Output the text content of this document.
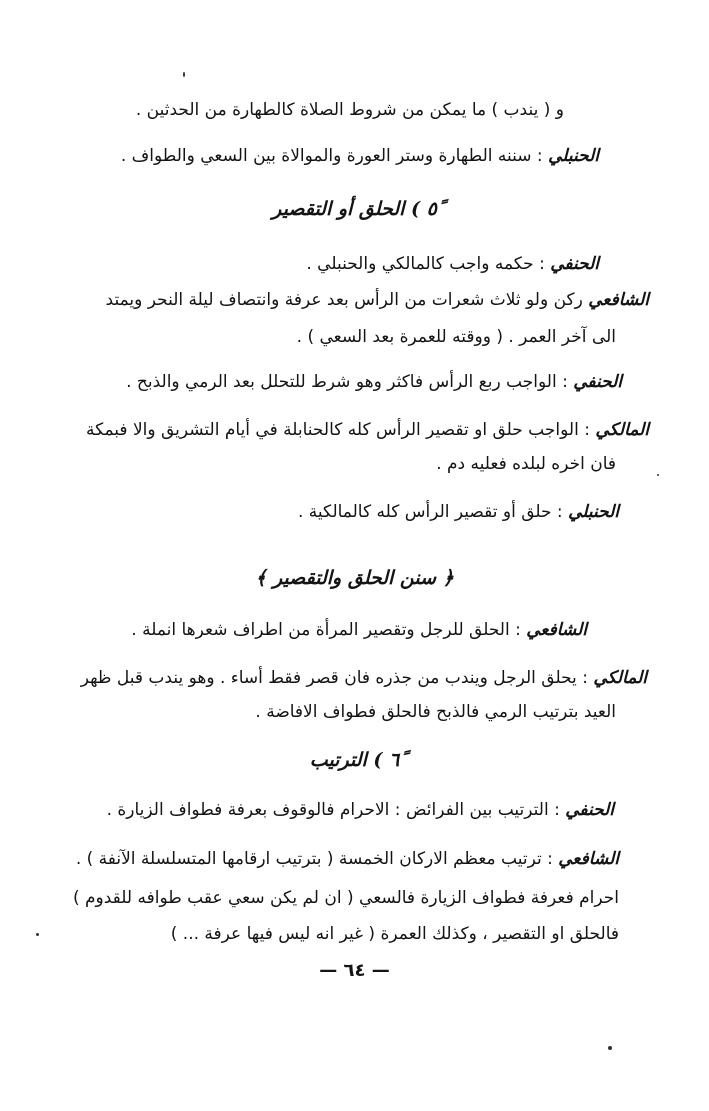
و ( يندب ) ما يمكن من شروط الصلاة كالطهارة من الحدثين .
الحنبلي : سننه الطهارة وستر العورة والموالاة بين السعي والطواف .
٥ً ) الحلق أو التقصير
الحنفي : حكمه واجب كالمالكي والحنبلي .
الشافعي ركن ولو ثلاث شعرات من الرأس بعد عرفة وانتصاف ليلة النحر ويمتد
الى آخر العمر . ( ووقته للعمرة بعد السعي ) .
الحنفي : الواجب ربع الرأس فاكثر وهو شرط للتحلل بعد الرمي والذبح .
المالكي : الواجب حلق او تقصير الرأس كله كالحنابلة في أيام التشريق والا فبمكة
فان اخره لبلده فعليه دم .
الحنبلي : حلق أو تقصير الرأس كله كالمالكية .
﴿ سنن الحلق والتقصير ﴾
الشافعي : الحلق للرجل وتقصير المرأة من اطراف شعرها انملة .
المالكي : يحلق الرجل ويندب من جذره فان قصر فقط أساء . وهو يندب قبل ظهر
العيد بترتيب الرمي فالذبح فالحلق فطواف الافاضة .
٦ً ) الترتيب
الحنفي : الترتيب بين الفرائض : الاحرام فالوقوف بعرفة فطواف الزيارة .
الشافعي : ترتيب معظم الاركان الخمسة ( بترتيب ارقامها المتسلسلة الآنفة ) .
احرام فعرفة فطواف الزيارة فالسعي ( ان لم يكن سعي عقب طوافه للقدوم )
فالحلق او التقصير ، وكذلك العمرة ( غير انه ليس فيها عرفة ... )
— ٦٤ —
